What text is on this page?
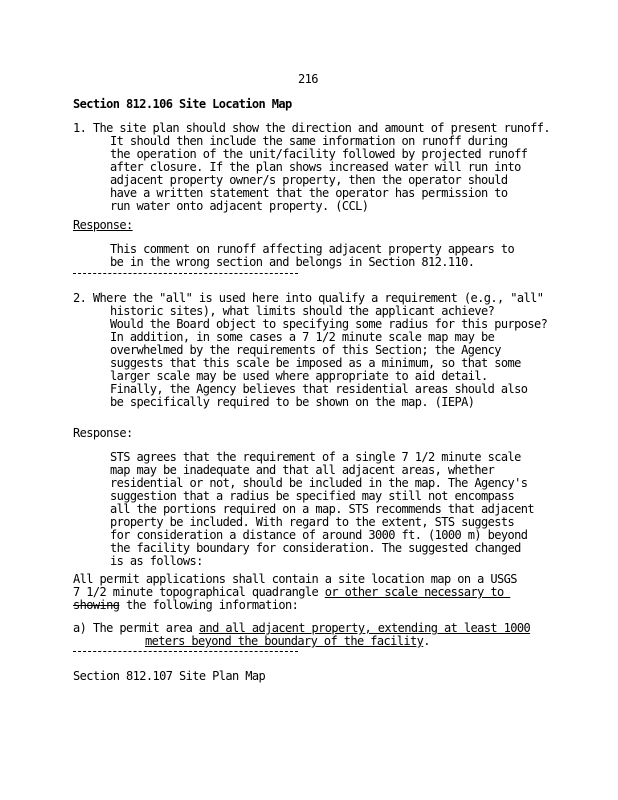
216
Section 812.106 Site Location Map
1. The site plan should show the direction and amount of present runoff.
It should then include the same information on runoff during
the operation of the unit/facility followed by projected runoff
after closure. If the plan shows increased water will run into
adjacent property owner/s property, then the operator should
have a written statement that the operator has permission to
run water onto adjacent property. (CCL)
Response:
This comment on runoff affecting adjacent property appears to
be in the wrong section and belongs in Section 812.110.
2. Where the "all" is used here into qualify a requirement (e.g., "all"
historic sites), what limits should the applicant achieve?
Would the Board object to specifying some radius for this purpose?
In addition, in some cases a 7 1/2 minute scale map may be
overwhelmed by the requirements of this Section; the Agency
suggests that this scale be imposed as a minimum, so that some
larger scale may be used where appropriate to aid detail.
Finally, the Agency believes that residential areas should also
be specifically required to be shown on the map. (IEPA)
Response:
STS agrees that the requirement of a single 7 1/2 minute scale
map may be inadequate and that all adjacent areas, whether
residential or not, should be included in the map. The Agency's
suggestion that a radius be specified may still not encompass
all the portions required on a map. STS recommends that adjacent
property be included. With regard to the extent, STS suggests
for consideration a distance of around 3000 ft. (1000 m) beyond
the facility boundary for consideration. The suggested changed
is as follows:
All permit applications shall contain a site location map on a USGS
7 1/2 minute topographical quadrangle or other scale necessary to
showing the following information:
a) The permit area and all adjacent property, extending at least 1000
meters beyond the boundary of the facility.
Section 812.107 Site Plan Map
